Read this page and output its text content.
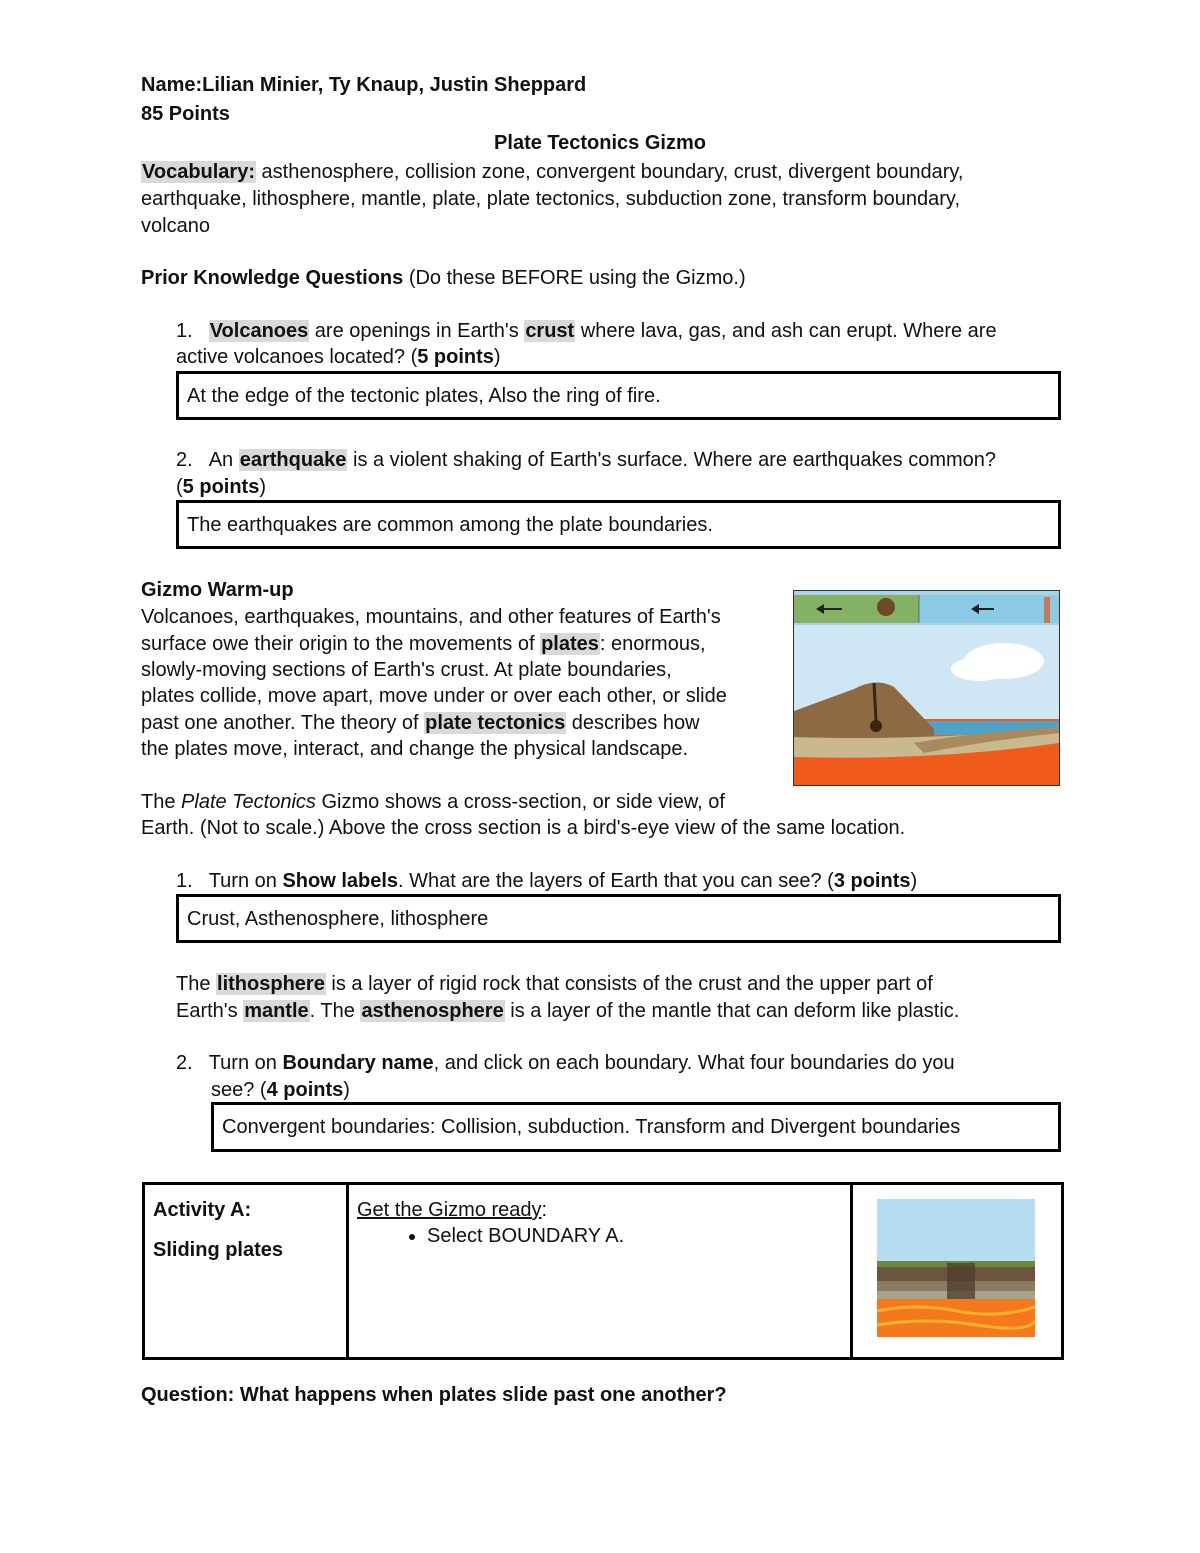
Name:Lilian Minier, Ty Knaup, Justin Sheppard
85 Points
Plate Tectonics Gizmo
Vocabulary: asthenosphere, collision zone, convergent boundary, crust, divergent boundary,
earthquake, lithosphere, mantle, plate, plate tectonics, subduction zone, transform boundary,
volcano
Prior Knowledge Questions (Do these BEFORE using the Gizmo.)
1. Volcanoes are openings in Earth's crust where lava, gas, and ash can erupt. Where are
active volcanoes located? (5 points)
At the edge of the tectonic plates, Also the ring of fire.
2. An earthquake is a violent shaking of Earth's surface. Where are earthquakes common?
(5 points)
The earthquakes are common among the plate boundaries.
Gizmo Warm-up
Volcanoes, earthquakes, mountains, and other features of Earth's
surface owe their origin to the movements of plates: enormous,
slowly-moving sections of Earth's crust. At plate boundaries,
plates collide, move apart, move under or over each other, or slide
past one another. The theory of plate tectonics describes how
the plates move, interact, and change the physical landscape.
The Plate Tectonics Gizmo shows a cross-section, or side view, of
Earth. (Not to scale.) Above the cross section is a bird's-eye view of the same location.
1. Turn on Show labels. What are the layers of Earth that you can see? (3 points)
Crust, Asthenosphere, lithosphere
The lithosphere is a layer of rigid rock that consists of the crust and the upper part of
Earth's mantle. The asthenosphere is a layer of the mantle that can deform like plastic.
2. Turn on Boundary name, and click on each boundary. What four boundaries do you
see? (4 points)
Convergent boundaries: Collision, subduction. Transform and Divergent boundaries
Activity A:
Sliding plates

Get the Gizmo ready:
• Select BOUNDARY A.

Question: What happens when plates slide past one another?
